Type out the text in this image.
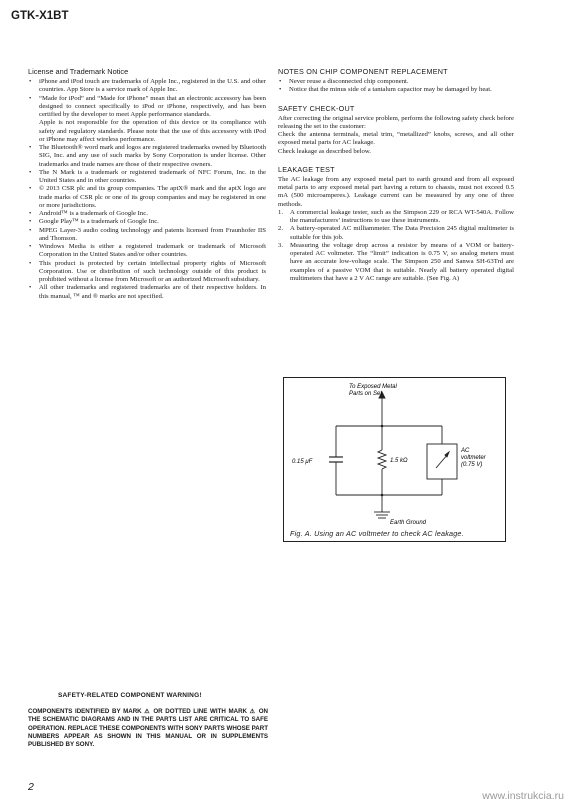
GTK-X1BT
License and Trademark Notice
• iPhone and iPod touch are trademarks of Apple Inc., registered in the U.S. and other countries. App Store is a service mark of Apple Inc.
• “Made for iPod” and “Made for iPhone” mean that an electronic accessory has been designed to connect specifically to iPod or iPhone, respectively, and has been certified by the developer to meet Apple performance standards.
Apple is not responsible for the operation of this device or its compliance with safety and regulatory standards. Please note that the use of this accessory with iPod or iPhone may affect wireless performance.
• The Bluetooth® word mark and logos are registered trademarks owned by Bluetooth SIG, Inc. and any use of such marks by Sony Corporation is under license. Other trademarks and trade names are those of their respective owners.
• The N Mark is a trademark or registered trademark of NFC Forum, Inc. in the United States and in other countries.
• © 2013 CSR plc and its group companies. The aptX® mark and the aptX logo are trade marks of CSR plc or one of its group companies and may be registered in one or more jurisdictions.
• Android™ is a trademark of Google Inc.
• Google Play™ is a trademark of Google Inc.
• MPEG Layer-3 audio coding technology and patents licensed from Fraunhofer IIS and Thomson.
• Windows Media is either a registered trademark or trademark of Microsoft Corporation in the United States and/or other countries.
• This product is protected by certain intellectual property rights of Microsoft Corporation. Use or distribution of such technology outside of this product is prohibited without a license from Microsoft or an authorized Microsoft subsidiary.
• All other trademarks and registered trademarks are of their respective holders. In this manual, ™ and ® marks are not specified.
NOTES ON CHIP COMPONENT REPLACEMENT
• Never reuse a disconnected chip component.
• Notice that the minus side of a tantalum capacitor may be damaged by heat.
SAFETY CHECK-OUT

After correcting the original service problem, perform the following safety check before releasing the set to the customer:

Check the antenna terminals, metal trim, “metallized” knobs, screws, and all other exposed metal parts for AC leakage.

Check leakage as described below.

LEAKAGE TEST

The AC leakage from any exposed metal part to earth ground and from all exposed metal parts to any exposed metal part having a return to chassis, must not exceed 0.5 mA (500 microamperes.). Leakage current can be measured by any one of three methods.

1. A commercial leakage tester, such as the Simpson 229 or RCA WT-540A. Follow the manufacturers’ instructions to use these instruments.
2. A battery-operated AC milliammeter. The Data Precision 245 digital multimeter is suitable for this job.
3. Measuring the voltage drop across a resistor by means of a VOM or battery-operated AC voltmeter. The “limit” indication is 0.75 V, so analog meters must have an accurate low-voltage scale. The Simpson 250 and Sanwa SH-63Trd are examples of a passive VOM that is suitable. Nearly all battery operated digital multimeters that have a 2 V AC range are suitable. (See Fig. A)
To Exposed Metal
Parts on Set
0.15 μF	1.5 kΩ
AC
voltmeter
(0.75 V)
Earth Ground
Fig. A. Using an AC voltmeter to check AC leakage.
SAFETY-RELATED COMPONENT WARNING!
COMPONENTS IDENTIFIED BY MARK ⚠ OR DOTTED LINE WITH MARK ⚠ ON THE SCHEMATIC DIAGRAMS AND IN THE PARTS LIST ARE CRITICAL TO SAFE OPERATION. REPLACE THESE COMPONENTS WITH SONY PARTS WHOSE PART NUMBERS APPEAR AS SHOWN IN THIS MANUAL OR IN SUPPLEMENTS PUBLISHED BY SONY.
2
www.instrukcia.ru
